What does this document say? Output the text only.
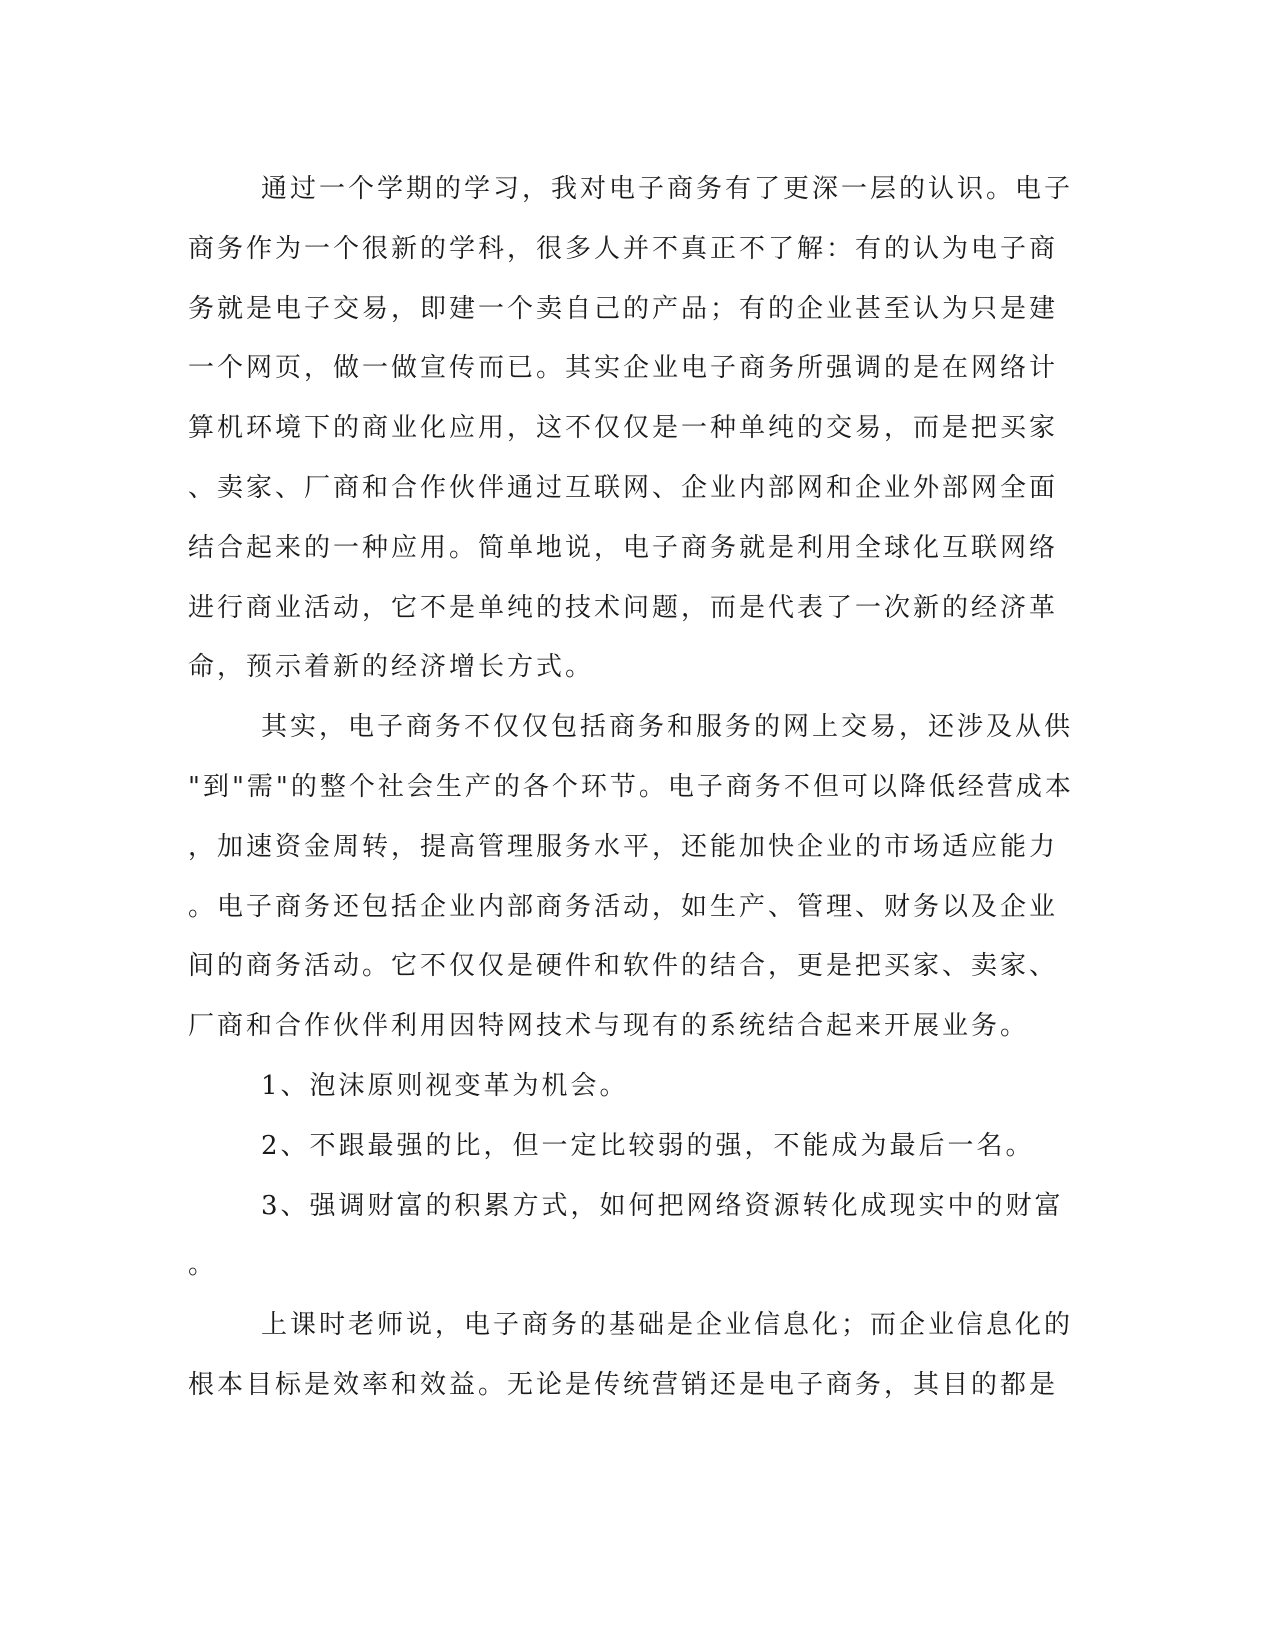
通过一个学期的学习，我对电子商务有了更深一层的认识。电子
商务作为一个很新的学科，很多人并不真正不了解：有的认为电子商
务就是电子交易，即建一个卖自己的产品；有的企业甚至认为只是建
一个网页，做一做宣传而已。其实企业电子商务所强调的是在网络计
算机环境下的商业化应用，这不仅仅是一种单纯的交易，而是把买家
、卖家、厂商和合作伙伴通过互联网、企业内部网和企业外部网全面
结合起来的一种应用。简单地说，电子商务就是利用全球化互联网络
进行商业活动，它不是单纯的技术问题，而是代表了一次新的经济革
命，预示着新的经济增长方式。
其实，电子商务不仅仅包括商务和服务的网上交易，还涉及从供
"到"需"的整个社会生产的各个环节。电子商务不但可以降低经营成本
，加速资金周转，提高管理服务水平，还能加快企业的市场适应能力
。电子商务还包括企业内部商务活动，如生产、管理、财务以及企业
间的商务活动。它不仅仅是硬件和软件的结合，更是把买家、卖家、
厂商和合作伙伴利用因特网技术与现有的系统结合起来开展业务。
1、泡沫原则视变革为机会。
2、不跟最强的比，但一定比较弱的强，不能成为最后一名。
3、强调财富的积累方式，如何把网络资源转化成现实中的财富
。
上课时老师说，电子商务的基础是企业信息化；而企业信息化的
根本目标是效率和效益。无论是传统营销还是电子商务，其目的都是
